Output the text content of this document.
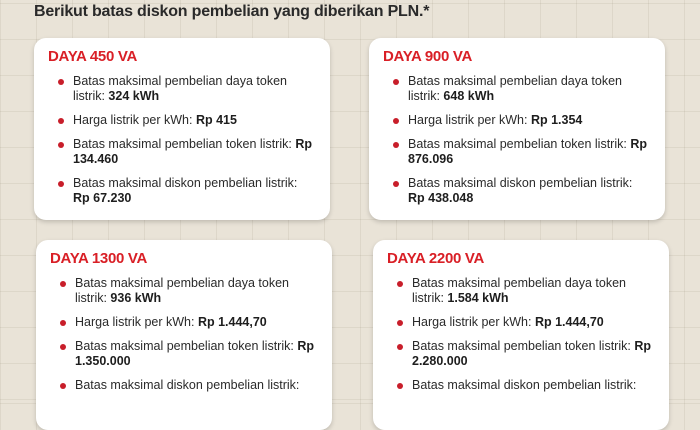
Berikut batas diskon pembelian yang diberikan PLN.*
DAYA 450 VA
Batas maksimal pembelian daya token listrik: 324 kWh
Harga listrik per kWh: Rp 415
Batas maksimal pembelian token listrik: Rp 134.460
Batas maksimal diskon pembelian listrik: Rp 67.230
DAYA 900 VA
Batas maksimal pembelian daya token listrik: 648 kWh
Harga listrik per kWh: Rp 1.354
Batas maksimal pembelian token listrik: Rp 876.096
Batas maksimal diskon pembelian listrik: Rp 438.048
DAYA 1300 VA
Batas maksimal pembelian daya token listrik: 936 kWh
Harga listrik per kWh: Rp 1.444,70
Batas maksimal pembelian token listrik: Rp 1.350.000
Batas maksimal diskon pembelian listrik:
DAYA 2200 VA
Batas maksimal pembelian daya token listrik: 1.584 kWh
Harga listrik per kWh: Rp 1.444,70
Batas maksimal pembelian token listrik: Rp 2.280.000
Batas maksimal diskon pembelian listrik:
